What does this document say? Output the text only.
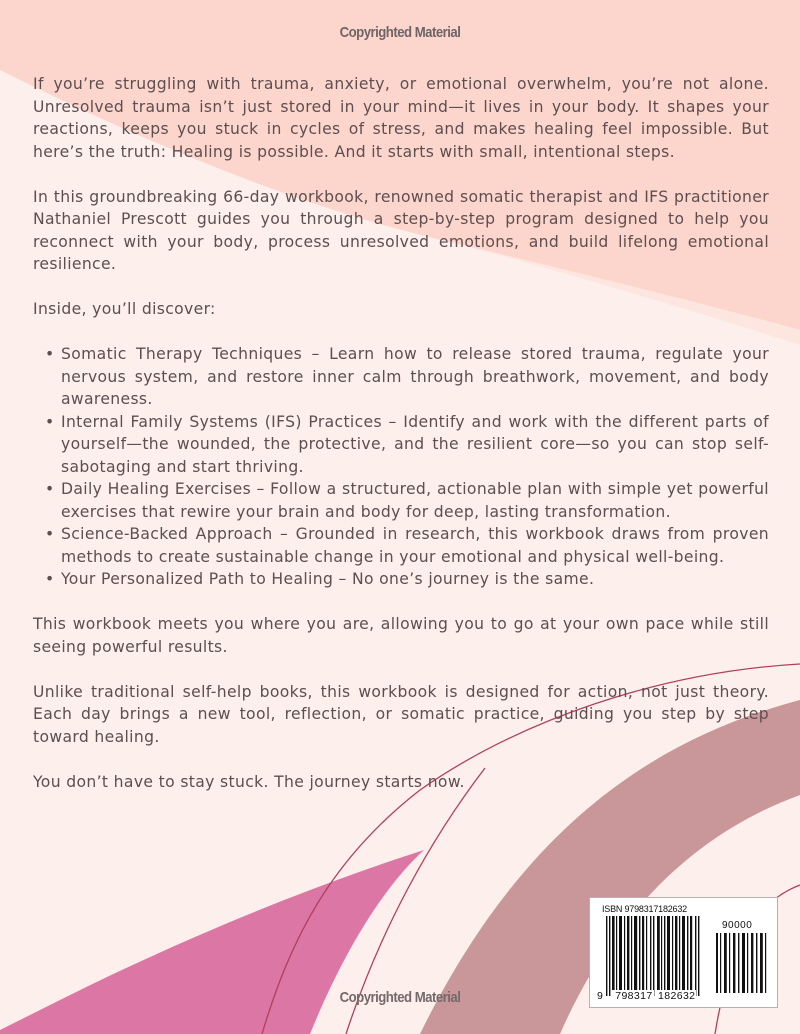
Copyrighted Material

If you’re struggling with trauma, anxiety, or emotional overwhelm, you’re not alone. Unresolved trauma isn’t just stored in your mind—it lives in your body. It shapes your reactions, keeps you stuck in cycles of stress, and makes healing feel impossible. But here’s the truth: Healing is possible. And it starts with small, intentional steps.

In this groundbreaking 66-day workbook, renowned somatic therapist and IFS practitioner Nathaniel Prescott guides you through a step-by-step program designed to help you reconnect with your body, process unresolved emotions, and build lifelong emotional resilience.

Inside, you’ll discover:

• Somatic Therapy Techniques – Learn how to release stored trauma, regulate your nervous system, and restore inner calm through breathwork, movement, and body awareness.
• Internal Family Systems (IFS) Practices – Identify and work with the different parts of yourself—the wounded, the protective, and the resilient core—so you can stop self-sabotaging and start thriving.
• Daily Healing Exercises – Follow a structured, actionable plan with simple yet powerful exercises that rewire your brain and body for deep, lasting transformation.
• Science-Backed Approach – Grounded in research, this workbook draws from proven methods to create sustainable change in your emotional and physical well-being.
• Your Personalized Path to Healing – No one’s journey is the same.

This workbook meets you where you are, allowing you to go at your own pace while still seeing powerful results.

Unlike traditional self-help books, this workbook is designed for action, not just theory. Each day brings a new tool, reflection, or somatic practice, guiding you step by step toward healing.

You don’t have to stay stuck. The journey starts now.

Copyrighted Material
ISBN 9798317182632
90000
9 798317 182632
